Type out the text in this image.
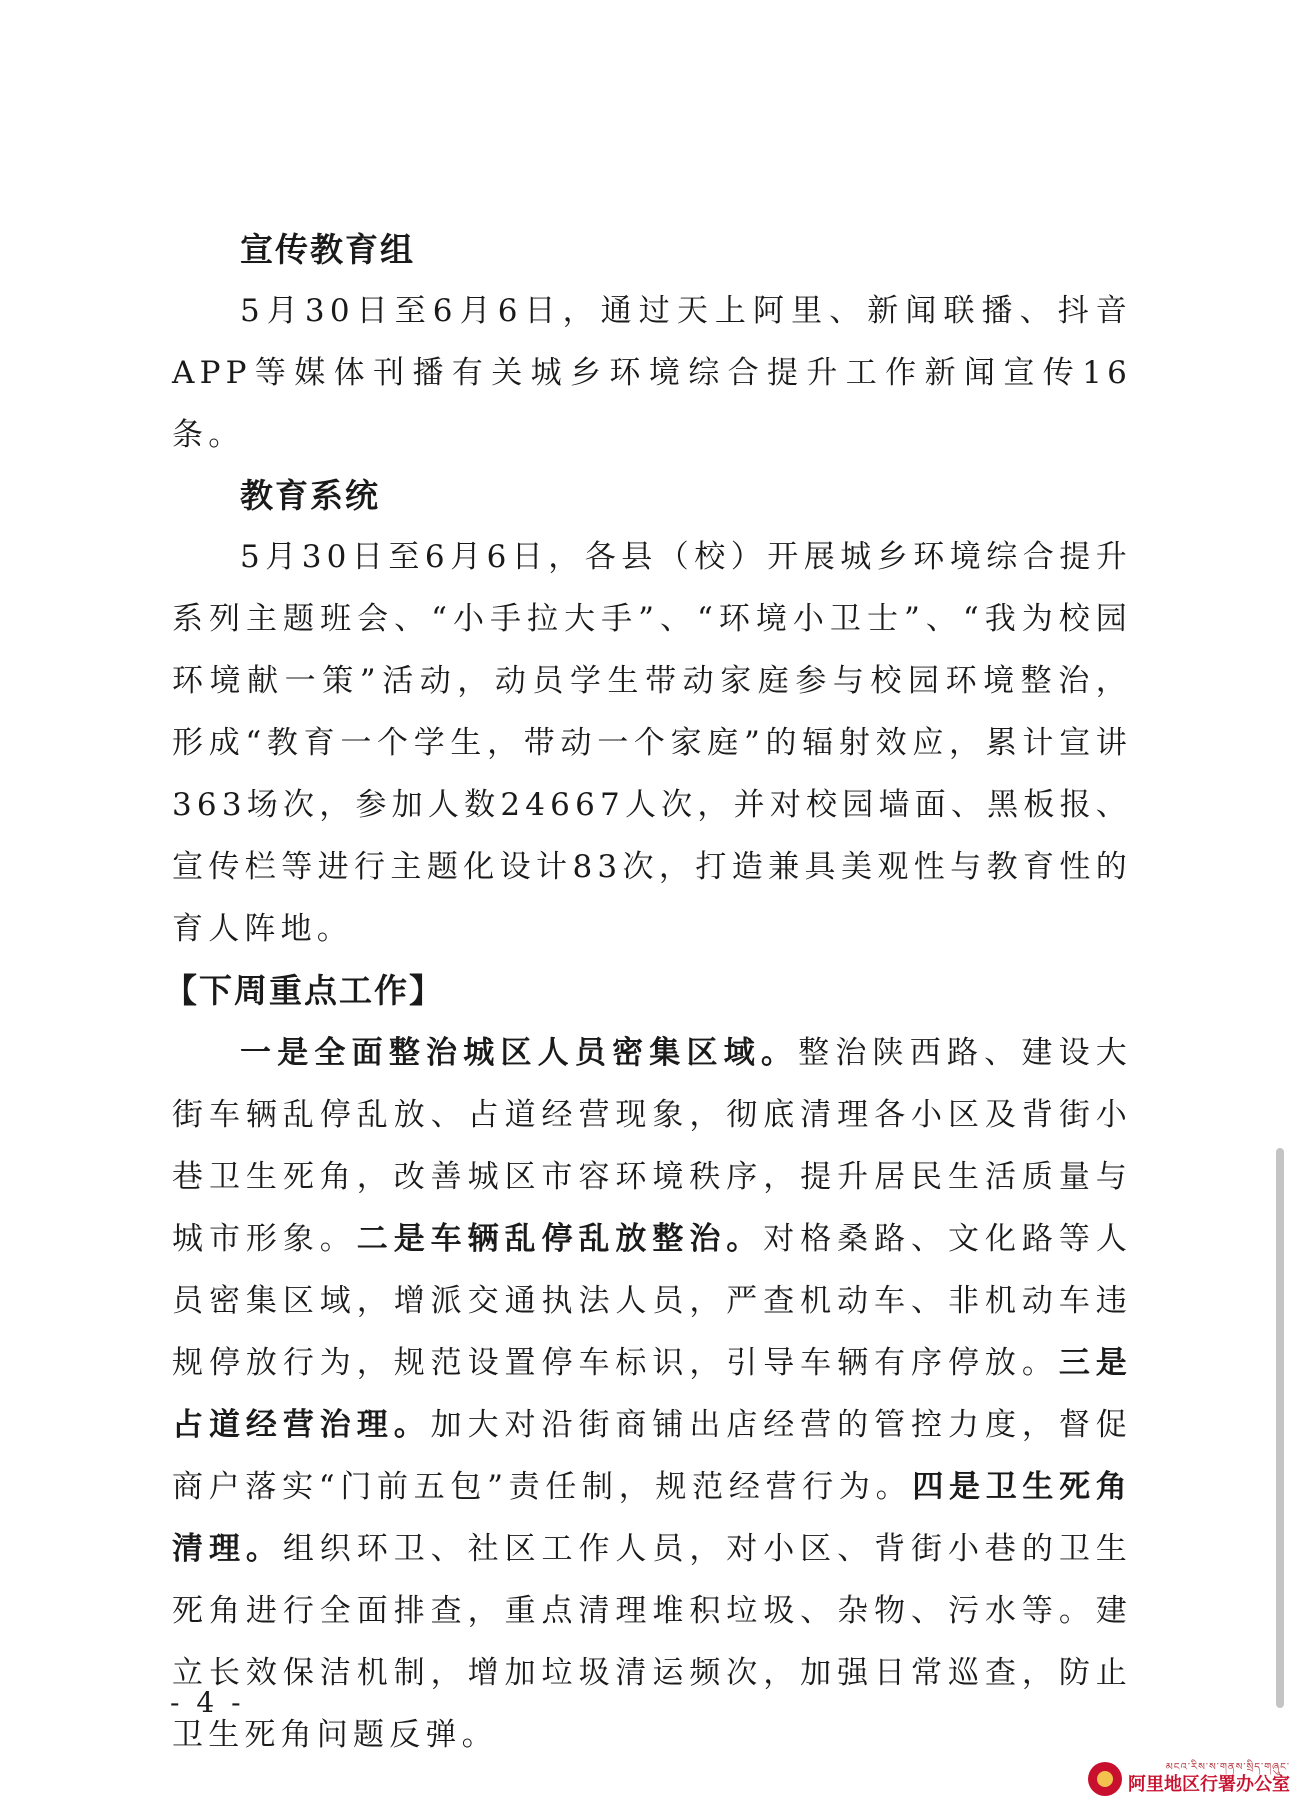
宣传教育组
5月30日至6月6日，通过天上阿里、新闻联播、抖音APP等媒体刊播有关城乡环境综合提升工作新闻宣传16条。
教育系统
5月30日至6月6日，各县（校）开展城乡环境综合提升系列主题班会、“小手拉大手”、“环境小卫士”、“我为校园环境献一策”活动，动员学生带动家庭参与校园环境整治，形成“教育一个学生，带动一个家庭”的辐射效应，累计宣讲363场次，参加人数24667人次，并对校园墙面、黑板报、宣传栏等进行主题化设计83次，打造兼具美观性与教育性的育人阵地。
【下周重点工作】
一是全面整治城区人员密集区域。整治陕西路、建设大街车辆乱停乱放、占道经营现象，彻底清理各小区及背街小巷卫生死角，改善城区市容环境秩序，提升居民生活质量与城市形象。二是车辆乱停乱放整治。对格桑路、文化路等人员密集区域，增派交通执法人员，严查机动车、非机动车违规停放行为，规范设置停车标识，引导车辆有序停放。三是占道经营治理。加大对沿街商铺出店经营的管控力度，督促商户落实“门前五包”责任制，规范经营行为。四是卫生死角清理。组织环卫、社区工作人员，对小区、背街小巷的卫生死角进行全面排查，重点清理堆积垃圾、杂物、污水等。建立长效保洁机制，增加垃圾清运频次，加强日常巡查，防止卫生死角问题反弹。
- 4 -
མངའ་རིས་ས་གནས་སྲིད་གཞུང་
阿里地区行署办公室
